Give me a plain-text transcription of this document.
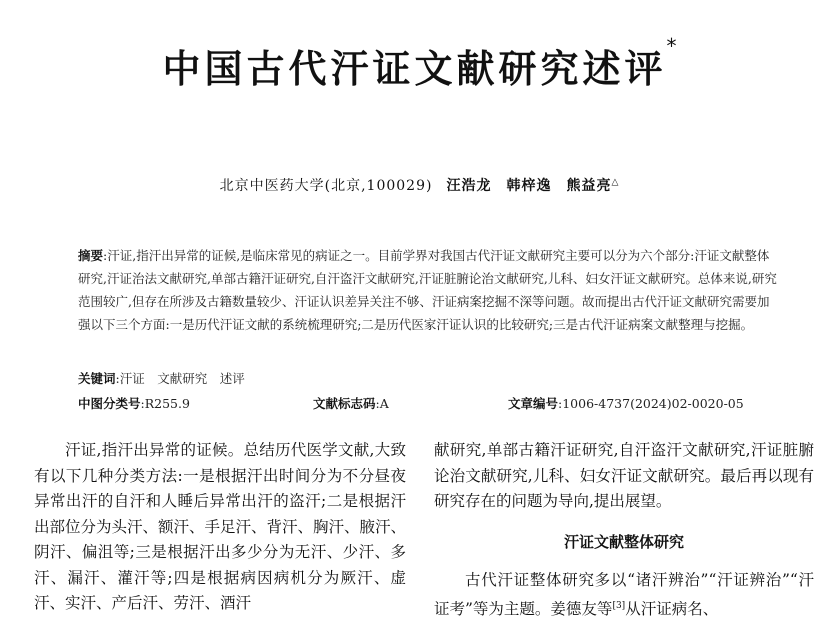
中国古代汗证文献研究述评*
北京中医药大学(北京,100029) 汪浩龙　韩梓逸　熊益亮△
摘要:汗证,指汗出异常的证候,是临床常见的病证之一。目前学界对我国古代汗证文献研究主要可以分为六个部分:汗证文献整体研究,汗证治法文献研究,单部古籍汗证研究,自汗盗汗文献研究,汗证脏腑论治文献研究,儿科、妇女汗证文献研究。总体来说,研究范围较广,但存在所涉及古籍数量较少、汗证认识差异关注不够、汗证病案挖掘不深等问题。故而提出古代汗证文献研究需要加强以下三个方面:一是历代汗证文献的系统梳理研究;二是历代医家汗证认识的比较研究;三是古代汗证病案文献整理与挖掘。
关键词:汗证　文献研究　述评
中图分类号:R255.9	文献标志码:A	文章编号:1006-4737(2024)02-0020-05
汗证,指汗出异常的证候。总结历代医学文献,大致有以下几种分类方法:一是根据汗出时间分为不分昼夜异常出汗的自汗和人睡后异常出汗的盗汗;二是根据汗出部位分为头汗、额汗、手足汗、背汗、胸汗、腋汗、阴汗、偏沮等;三是根据汗出多少分为无汗、少汗、多汗、漏汗、灌汗等;四是根据病因病机分为厥汗、虚汗、实汗、产后汗、劳汗、酒汗
献研究,单部古籍汗证研究,自汗盗汗文献研究,汗证脏腑论治文献研究,儿科、妇女汗证文献研究。最后再以现有研究存在的问题为导向,提出展望。
汗证文献整体研究
古代汗证整体研究多以“诸汗辨治”“汗证辨治”“汗证考”等为主题。姜德友等[3]从汗证病名、
